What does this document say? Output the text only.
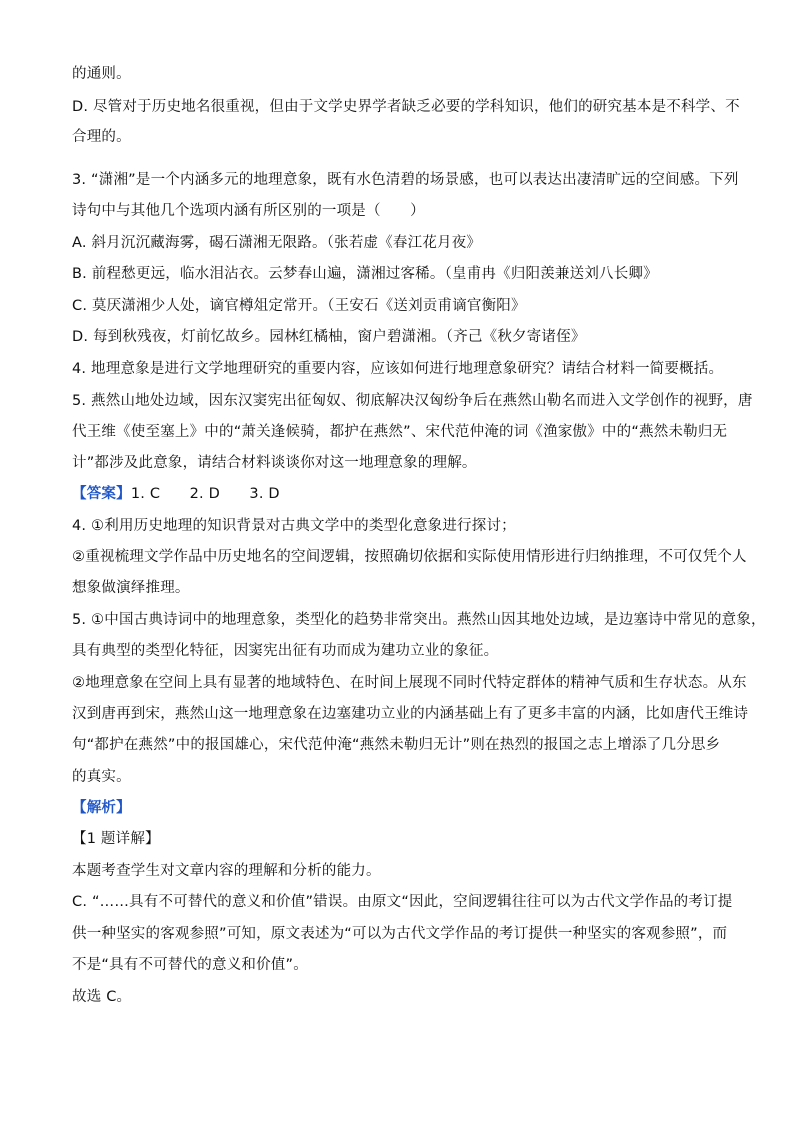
的通则。
D. 尽管对于历史地名很重视，但由于文学史界学者缺乏必要的学科知识，他们的研究基本是不科学、不
合理的。
3. “潇湘”是一个内涵多元的地理意象，既有水色清碧的场景感，也可以表达出凄清旷远的空间感。下列
诗句中与其他几个选项内涵有所区别的一项是（　　）
A. 斜月沉沉藏海雾，碣石潇湘无限路。（张若虚《春江花月夜》
B. 前程愁更远，临水泪沾衣。云梦春山遍，潇湘过客稀。（皇甫冉《归阳羡兼送刘八长卿》
C. 莫厌潇湘少人处，谪官樽俎定常开。（王安石《送刘贡甫谪官衡阳》
D. 每到秋残夜，灯前忆故乡。园林红橘柚，窗户碧潇湘。（齐己《秋夕寄诸侄》
4. 地理意象是进行文学地理研究的重要内容，应该如何进行地理意象研究？请结合材料一简要概括。
5. 燕然山地处边域，因东汉窦宪出征匈奴、彻底解决汉匈纷争后在燕然山勒名而进入文学创作的视野，唐
代王维《使至塞上》中的“萧关逢候骑，都护在燕然”、宋代范仲淹的词《渔家傲》中的“燕然未勒归无
计”都涉及此意象，请结合材料谈谈你对这一地理意象的理解。
【答案】1. C　　2. D　　3. D
4. ①利用历史地理的知识背景对古典文学中的类型化意象进行探讨；
②重视梳理文学作品中历史地名的空间逻辑，按照确切依据和实际使用情形进行归纳推理，不可仅凭个人
想象做演绎推理。
5. ①中国古典诗词中的地理意象，类型化的趋势非常突出。燕然山因其地处边域，是边塞诗中常见的意象，
具有典型的类型化特征，因窦宪出征有功而成为建功立业的象征。
②地理意象在空间上具有显著的地域特色、在时间上展现不同时代特定群体的精神气质和生存状态。从东
汉到唐再到宋，燕然山这一地理意象在边塞建功立业的内涵基础上有了更多丰富的内涵，比如唐代王维诗
句“都护在燕然”中的报国雄心，宋代范仲淹“燕然未勒归无计”则在热烈的报国之志上增添了几分思乡
的真实。
【解析】
【1 题详解】
本题考查学生对文章内容的理解和分析的能力。
C. “……具有不可替代的意义和价值”错误。由原文“因此，空间逻辑往往可以为古代文学作品的考订提
供一种坚实的客观参照”可知，原文表述为“可以为古代文学作品的考订提供一种坚实的客观参照”，而
不是“具有不可替代的意义和价值”。
故选 C。
